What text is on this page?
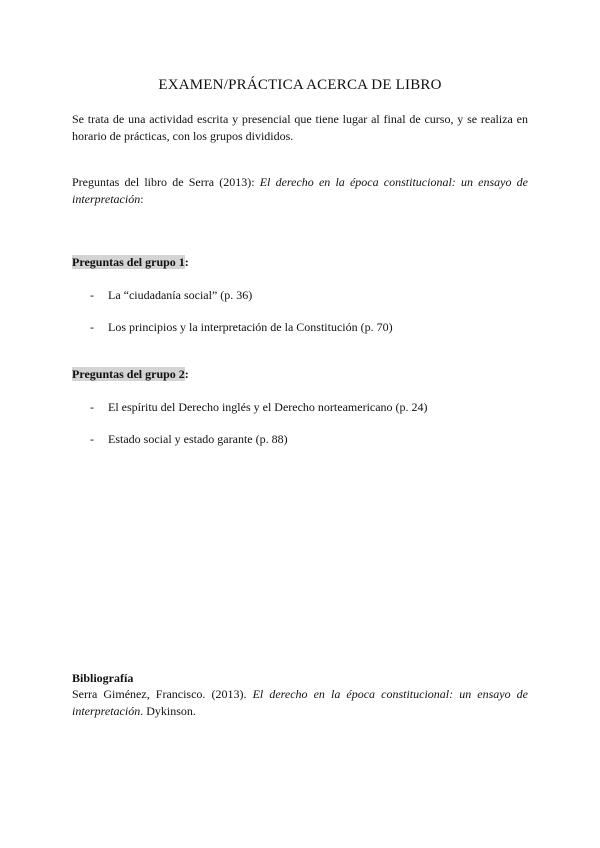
EXAMEN/PRÁCTICA ACERCA DE LIBRO
Se trata de una actividad escrita y presencial que tiene lugar al final de curso, y se realiza en horario de prácticas, con los grupos divididos.
Preguntas del libro de Serra (2013): El derecho en la época constitucional: un ensayo de interpretación:
Preguntas del grupo 1:
- La “ciudadanía social” (p. 36)
- Los principios y la interpretación de la Constitución (p. 70)
Preguntas del grupo 2:
- El espíritu del Derecho inglés y el Derecho norteamericano (p. 24)
- Estado social y estado garante (p. 88)
Bibliografía
Serra Giménez, Francisco. (2013). El derecho en la época constitucional: un ensayo de interpretación. Dykinson.
